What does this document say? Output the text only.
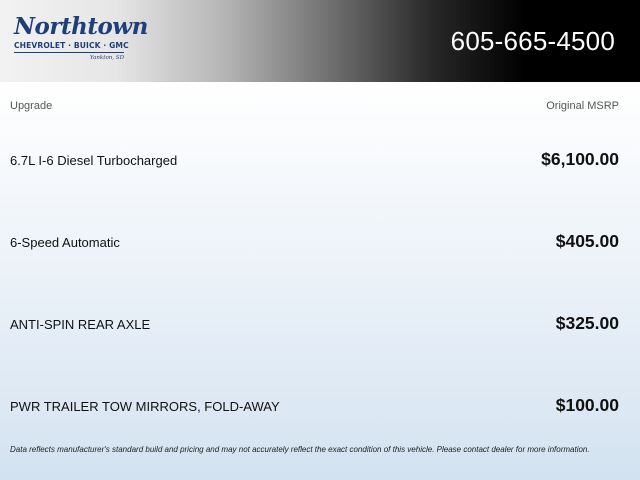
Northtown
CHEVROLET · BUICK · GMC
Yankton, SD
605-665-4500
Upgrade	Original MSRP
6.7L I-6 Diesel Turbocharged	$6,100.00
6-Speed Automatic	$405.00
ANTI-SPIN REAR AXLE	$325.00
PWR TRAILER TOW MIRRORS, FOLD-AWAY	$100.00
Data reflects manufacturer's standard build and pricing and may not accurately reflect the exact condition of this vehicle. Please contact dealer for more information.
